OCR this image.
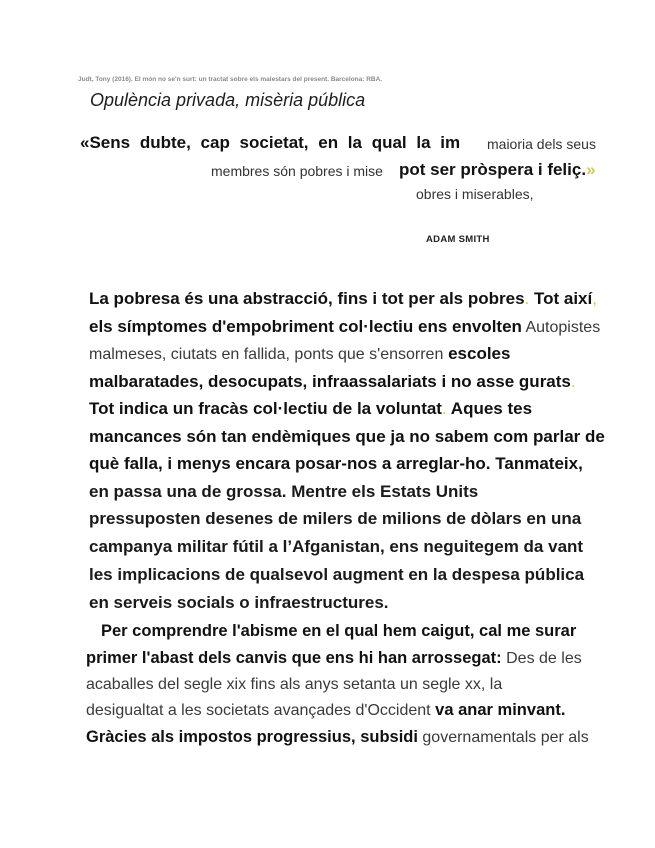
Judt, Tony (2016). El món no se'n surt: un tractat sobre els malestars del present. Barcelona: RBA.
Opulència privada, misèria pública
«Sens dubte, cap societat, en la qual la im maioria dels seus
membres són pobres i mise pot ser pròspera i feliç.»
obres i miserables,
ADAM SMITH
La pobresa és una abstracció, fins i tot per als pobres. Tot així,
els símptomes d'empobriment col·lectiu ens envolten Autopistes
malmeses, ciutats en fallida, ponts que s'ensorren escoles
malbaratades, desocupats, infraassalariats i no asse gurats.
Tot indica un fracàs col·lectiu de la voluntat. Aques tes
mancances són tan endèmiques que ja no sabem com parlar de
què falla, i menys encara posar-nos a arreglar-ho. Tanmateix,
en passa una de grossa. Mentre els Estats Units
pressuposten desenes de milers de milions de dòlars en una
campanya militar fútil a l’Afganistan, ens neguitegem da vant
les implicacions de qualsevol augment en la despesa pública
en serveis socials o infraestructures.
Per comprendre l'abisme en el qual hem caigut, cal me surar
primer l'abast dels canvis que ens hi han arrossegat: Des de les
acaballes del segle xix fins als anys setanta un segle xx, la
desigualtat a les societats avançades d'Occident va anar minvant.
Gràcies als impostos progressius, subsidi governamentals per als
